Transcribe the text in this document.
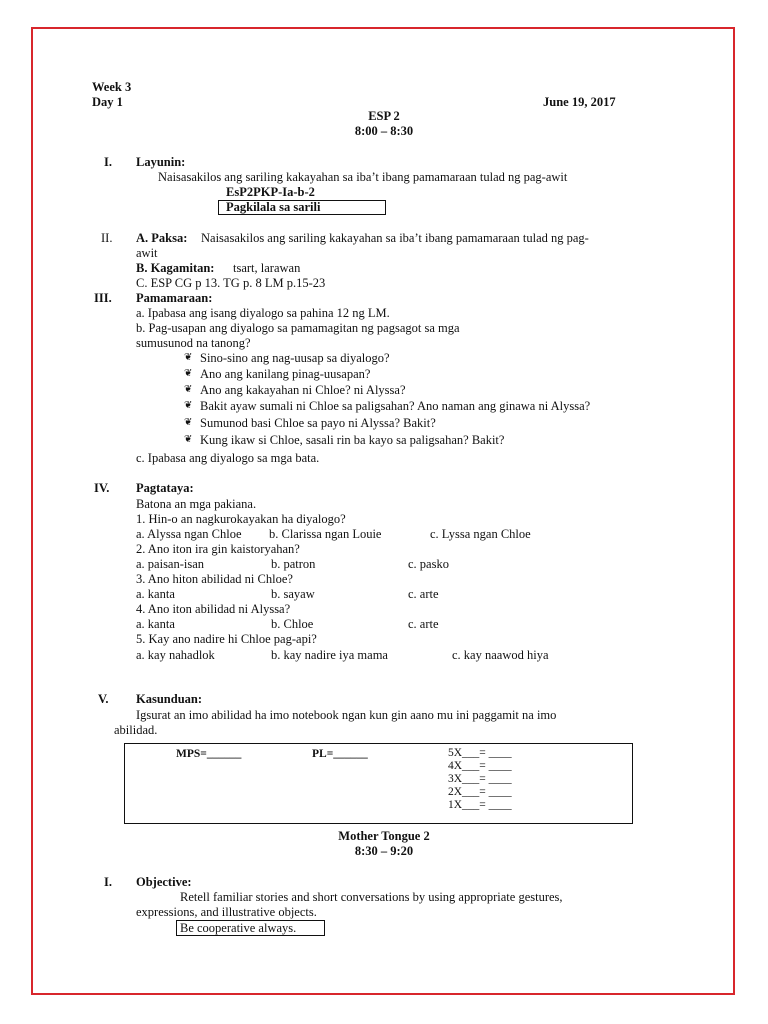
Week 3
Day 1	June 19, 2017
ESP 2
8:00 – 8:30
I. Layunin:
Naisasakilos ang sariling kakayahan sa iba’t ibang pamamaraan tulad ng pag-awit
EsP2PKP-Ia-b-2
Pagkilala sa sarili
II. A. Paksa: Naisasakilos ang sariling kakayahan sa iba’t ibang pamamaraan tulad ng pag-
awit
B. Kagamitan: tsart, larawan
C. ESP CG p 13. TG p. 8 LM p.15-23
III. Pamamaraan:
a. Ipabasa ang isang diyalogo sa pahina 12 ng LM.
b. Pag-usapan ang diyalogo sa pamamagitan ng pagsagot sa mga
sumusunod na tanong?
❦ Sino-sino ang nag-uusap sa diyalogo?
❦ Ano ang kanilang pinag-uusapan?
❦ Ano ang kakayahan ni Chloe? ni Alyssa?
❦ Bakit ayaw sumali ni Chloe sa paligsahan? Ano naman ang ginawa ni Alyssa?
❦ Sumunod basi Chloe sa payo ni Alyssa? Bakit?
❦ Kung ikaw si Chloe, sasali rin ba kayo sa paligsahan? Bakit?
c. Ipabasa ang diyalogo sa mga bata.
IV. Pagtataya:
Batona an mga pakiana.
1. Hin-o an nagkurokayakan ha diyalogo?
a. Alyssa ngan Chloe b. Clarissa ngan Louie	c. Lyssa ngan Chloe
2. Ano iton ira gin kaistoryahan?
a. paisan-isan	b. patron	c. pasko
3. Ano hiton abilidad ni Chloe?
a. kanta	b. sayaw	c. arte
4. Ano iton abilidad ni Alyssa?
a. kanta	b. Chloe	c. arte
5. Kay ano nadire hi Chloe pag-api?
a. kay nahadlok	b. kay nadire iya mama	c. kay naawod hiya
V. Kasunduan:
Igsurat an imo abilidad ha imo notebook ngan kun gin aano mu ini paggamit na imo
abilidad.
MPS=______	PL=______	5X___= ____
4X___= ____
3X___= ____
2X___= ____
1X___= ____
Mother Tongue 2
8:30 – 9:20
I. Objective:
Retell familiar stories and short conversations by using appropriate gestures,
expressions, and illustrative objects.
Be cooperative always.
